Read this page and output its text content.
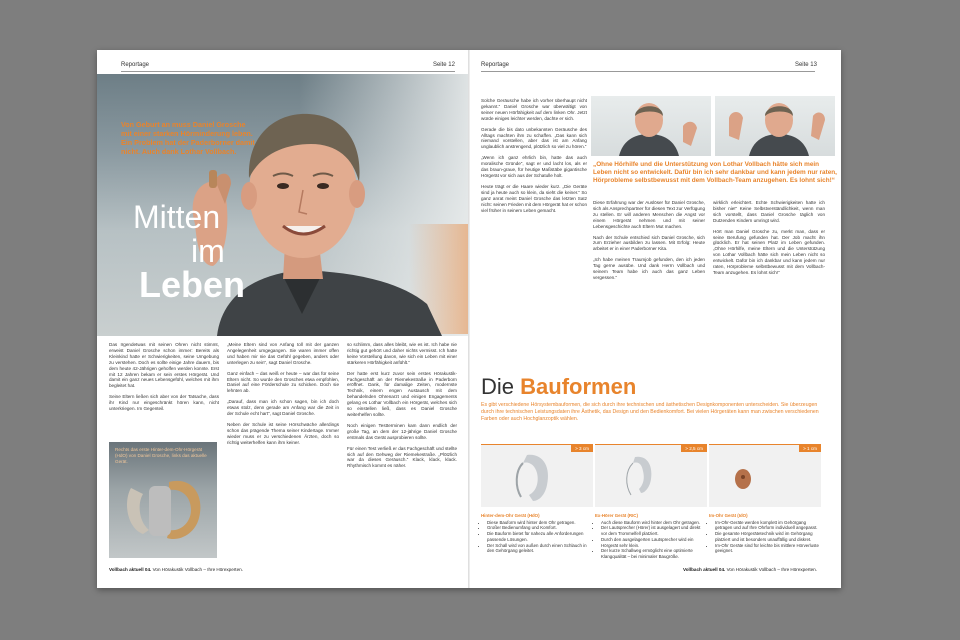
Reportage	Seite 12
Von Geburt an muss Daniel Grosche mit einer starken Hörminderung leben. Ein Problem hat der Paderborner damit nicht. Auch dank Lothar Vollbach.
Mitten
im
Leben

Das Irgendetwas mit seinen Ohren nicht stimmt, erweist Daniel Grosche schon immer: Bereits als Kleinkind hatte er Schwierigkeiten, seine Umgebung zu verstehen. Doch es sollte einige Jahre dauern, bis dem heute 42-Jährigen geholfen werden konnte. Erst mit 12 Jahren bekam er sein erstes Hörgerät. Und damit ein ganz neues Lebensgefühl, welches mit ihm begleitet hat.

Seine Eltern ließen sich aber von der Tatsache, dass ihr Kind nur eingeschränkt hören kann, nicht unterkriegen. Im Gegenteil.

Rechts das erste Hinter-dem-Ohr-Hörgerät (HdO) von Daniel Grosche, links das aktuelle Gerät.

„Meine Eltern sind von Anfang toll mit der ganzen Angelegenheit umgegangen. Sie waren immer offen und haben mir nie das Gefühl gegeben, anders oder unterlegen zu sein“, sagt Daniel Grosche.

Ganz einfach – das weiß er heute – war das für seine Eltern nicht. So wurde den Grosches etwa empfohlen, Daniel auf eine Förderschule zu schicken. Doch sie lehnten ab.

„Darauf, dass man ich schon sagen, bin ich doch etwas stolz, denn gerade am Anfang war die Zeit in der Schule echt hart“, sagt Daniel Grosche.

Neben der Schule ist seine Hörschwäche allerdings schon das prägende Thema seiner Kindertage. Immer wieder muss er zu verschiedenen Ärzten, doch so richtig weiterhelfen kann ihm keiner.

so schlimm, dass alles bleibt, wie es ist. Ich habe nie richtig gut gehört und daher nichts vermisst. Ich hatte keine Vorstellung davon, wie sich ein Leben mit einer stärkeren Hörfähigkeit anfühlt.“

Der hatte erst kurz zuvor sein erstes Hörakustik-Fachgeschäft an der Riemekestraße in Paderborn eröffnet. Dank, für damalige Zeiten, modernste Technik, einem engen Austausch mit dem behandelnden Ohrenarzt und einigen Engagements gelang es Lothar Vollbach ein Hörgerät, welches sich so einstellen ließ, dass es Daniel Grosche weiterhelfen sollte.

Noch einigen Testterminen kam dann endlich der große Tag, an dem der 12-jährige Daniel Grosche erstmals das Gerät ausprobieren sollte.

Für einen Test verließ er das Fachgeschäft und stellte sich auf den Gehweg der Riemekestraße. „Plötzlich war da dieses Geräusch.“ Klack, klack, klack. Rhythmisch kommt es näher.

Vollbach aktuell 04. Von Hörakustik Vollbach – Ihre Hörexperten.
Reportage	Seite 13

Solche Geräusche habe ich vorher überhaupt nicht gekannt.“ Daniel Grosche war überwältigt von seiner neuen Hörfähigkeit auf dem linken Ohr. Jetzt würde einiges leichter werden, dachte er sich.

Gerade die bis dato unbekannten Geräusche des Alltags machten ihm zu schaffen. „Das kann sich niemand vorstellen, aber das ist am Anfang unglaublich anstrengend, plötzlich so viel zu hören.“

„Wenn ich ganz ehrlich bin, hatte das auch moralische Gründe“, sagt er und lacht los, als er das braun-graue, für heutige Maßstäbe gigantische Hörgerät vor sich aus der Schatulle holt.

Heute trägt er die Haare wieder kurz. „Die Geräte sind ja heute auch so klein, da sieht die keiner.“ So ganz anrat meint Daniel Grosche das letzten Satz nicht: seinen Frieden mit dem Hörgerät hat er schon viel früher in seinem Leben gemacht.

„Ohne Hörhilfe und die Unterstützung von Lothar Vollbach hätte sich mein Leben nicht so entwickelt. Dafür bin ich sehr dankbar und kann jedem nur raten, Hörprobleme selbstbewusst mit dem Vollbach-Team anzugehen. Es lohnt sich!“

Diese Erfahrung war der Auslöser für Daniel Grosche, sich als Ansprechpartner für diesen Text zur Verfügung zu stellen. Er will anderen Menschen die Angst vor einem Hörgerät nehmen und mit seiner Lebensgeschichte auch Eltern Mut machen.

Nach der Schule entschied sich Daniel Grosche, sich zum Erzieher ausbilden zu lassen. Mit Erfolg: Heute arbeitet er in einer Paderborner Kita.

„Ich habe meinen Traumjob gefunden, den ich jeden Tag gerne ausübe. Und dank Herrn Vollbach und seinem Team habe ich auch das ganz Leben vergessen.“

wirklich erleichtert. Echte Schwierigkeiten hatte ich bisher nie!“ Keine Selbstverständlichkeit, wenn man sich vorstellt, dass Daniel Grosche täglich von Dutzenden Kindern umringt wird.

Hört man Daniel Grosche zu, merkt man, dass er seine Berufung gefunden hat. Der Job macht ihn glücklich. Er hat seinen Platz im Leben gefunden. „Ohne Hörhilfe, meine Eltern und die Unterstützung von Lothar Vollbach hätte sich mein Leben nicht so entwickelt. Dafür bin ich dankbar und kann jedem nur raten, Hörprobleme selbstbewusst mit dem Vollbach-Team anzugehen. Es lohnt sich!“

Die Bauformen
Es gibt verschiedene Hörsystembauformen, die sich durch ihre technischen und ästhetischen Designkomponenten unterscheiden. Sie überzeugen durch ihre technischen Leistungsdaten ihre Ästhetik, das Design und den Bedienkomfort. Bei vielen Hörgeräten kann man zwischen verschiedenen Farben oder auch Hochglanzoptik wählen.
> 3 cm	> 2,5 cm	> 1 cm
Hinter-dem-Ohr Gerät (HdO)
• Diese Bauform wird hinter dem Ohr getragen.
• Großer Bedienumfang und Komfort.
• Die Bauform bietet für nahezu alle Anforderungen passende Lösungen.
• Der Schall wird von außen durch einen Schlauch in den Gehörgang geleitet.
Ex-Hörer Gerät (RIC)
• Auch diese Bauform wird hinter dem Ohr getragen.
• Der Lautsprecher (Hörer) ist ausgelagert und direkt vor dem Trommelfell platziert.
• Durch den ausgelagerten Lautsprecher wird ein Hörgerät sehr klein.
• Der kurze Schallweg ermöglicht eine optimierte Klangqualität – bei minimaler Baugröße.
Im-Ohr Gerät (IdO)
• Im-Ohr-Geräte werden komplett im Gehörgang getragen und auf Ihre Ohrform individuell angepasst.
• Die gesamte Hörgerätetechnik wird im Gehörgang platziert und ist besonders unauffällig und diskret.
• Im-Ohr Geräte sind für leichte bis mittlere Hörverluste geeignet.
Vollbach aktuell 04. Von Hörakustik Vollbach – Ihre Hörexperten.
